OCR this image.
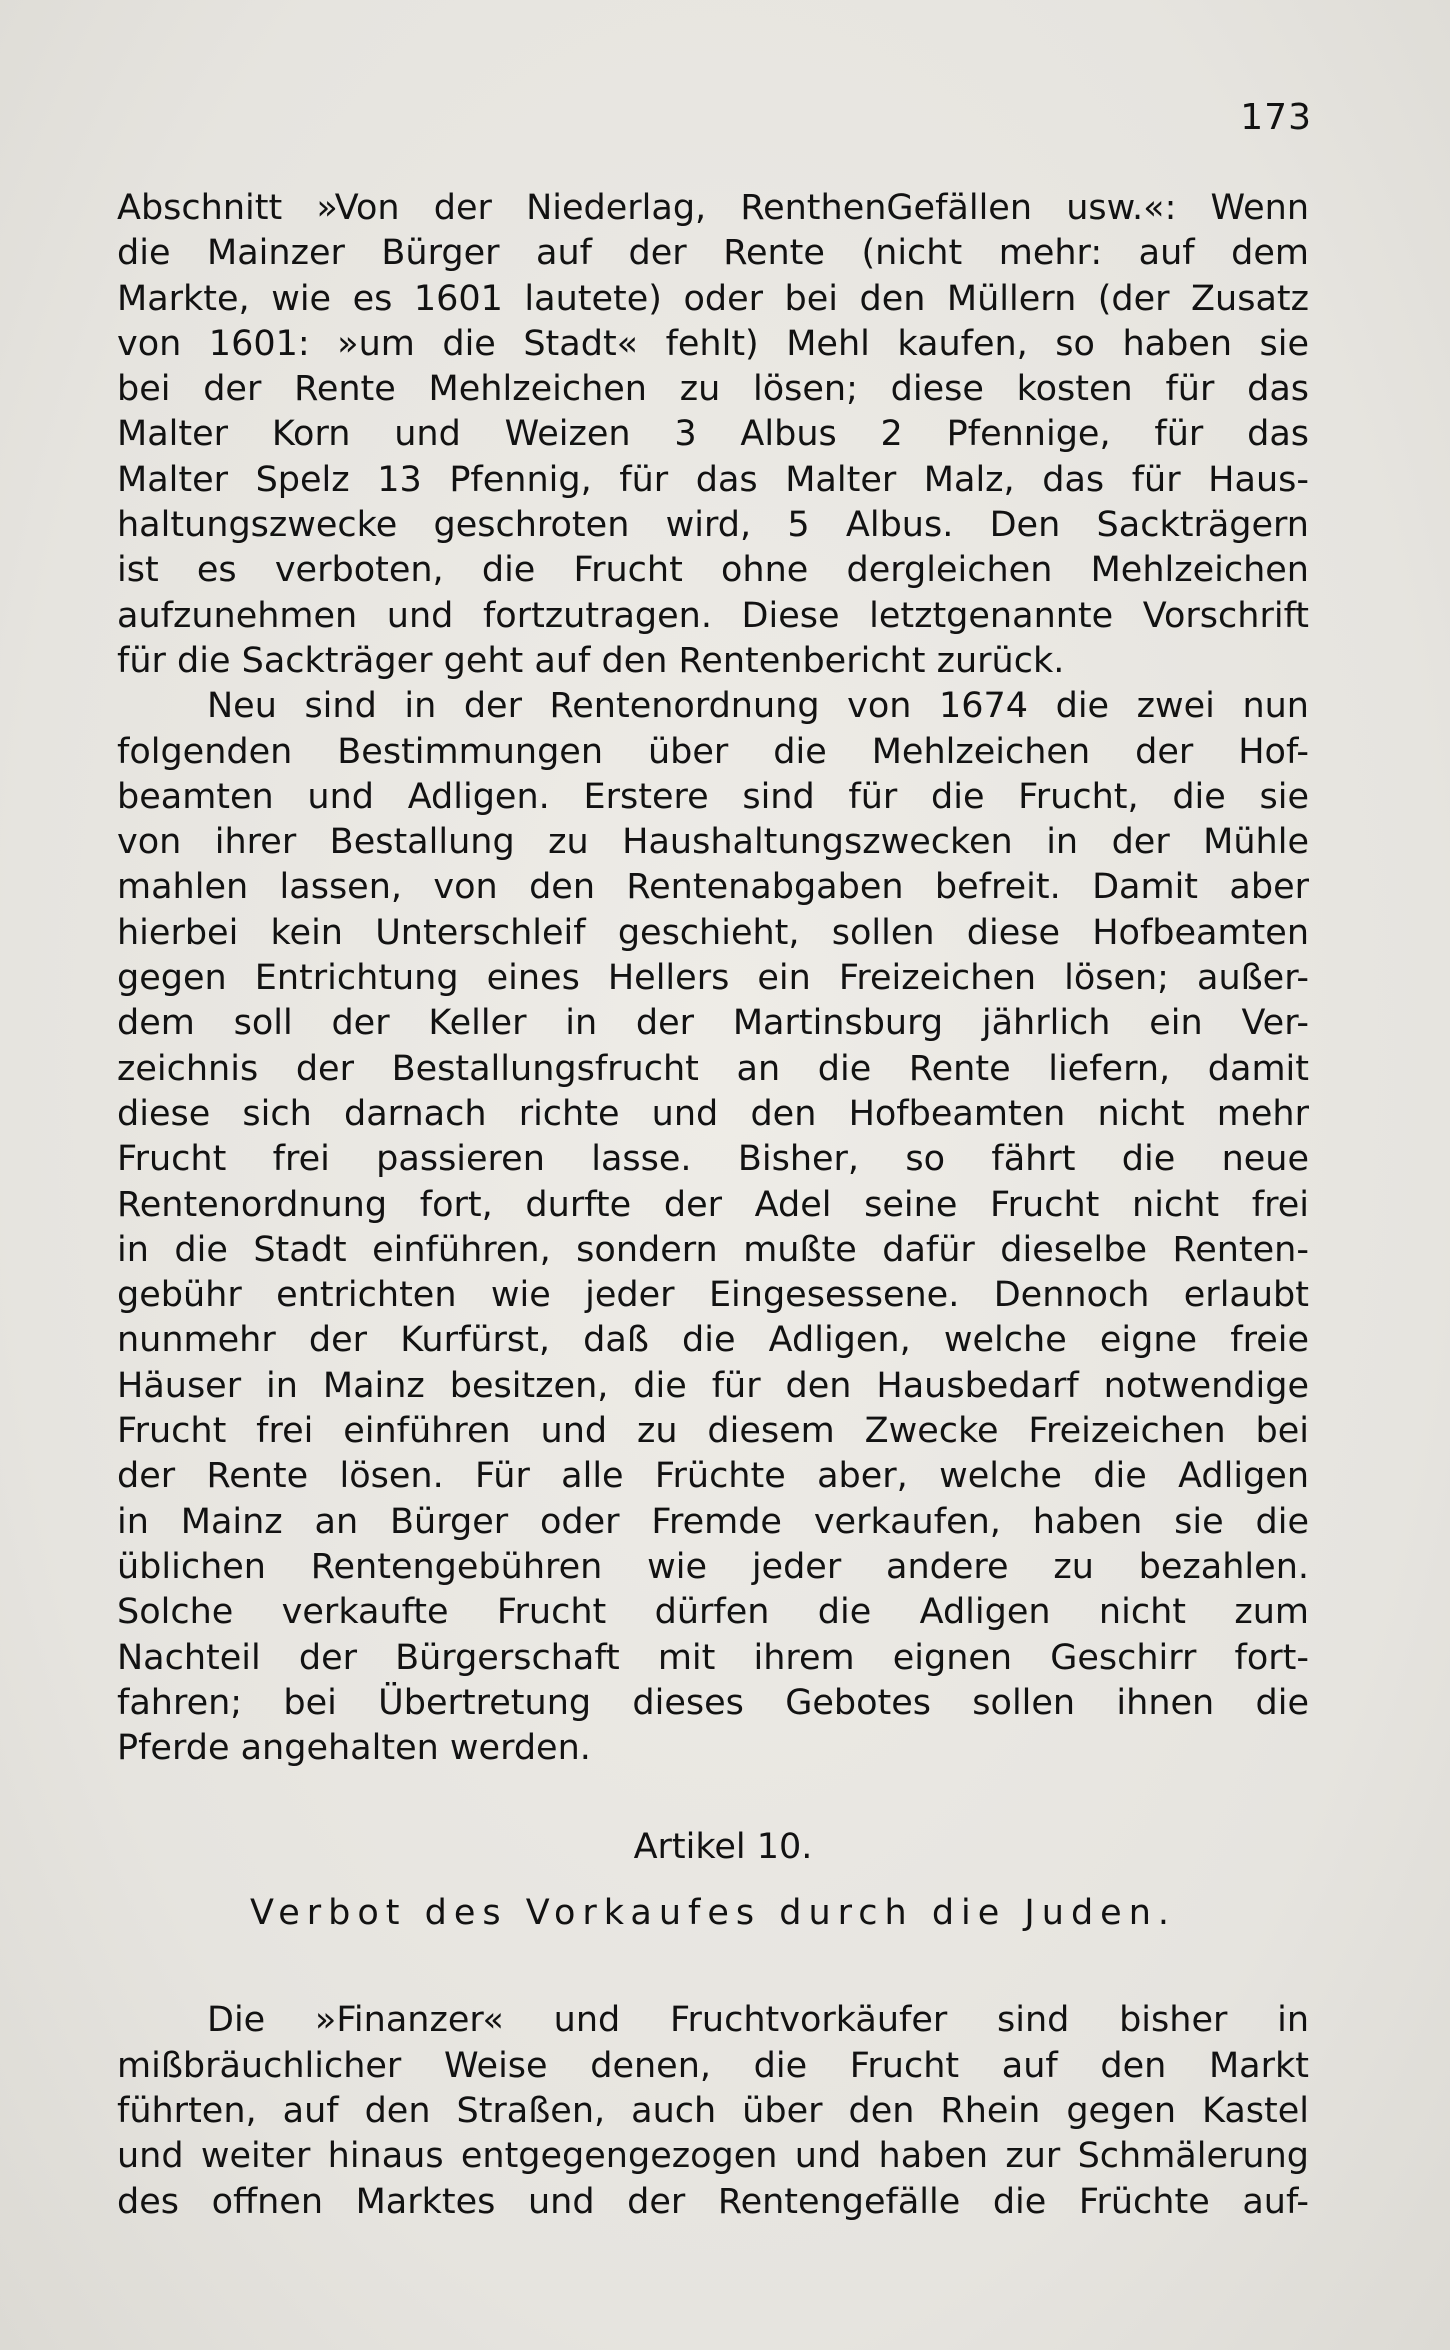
173
Abschnitt »Von der Niederlag, RenthenGefällen usw.«: Wenn
die Mainzer Bürger auf der Rente (nicht mehr: auf dem
Markte, wie es 1601 lautete) oder bei den Müllern (der Zusatz
von 1601: »um die Stadt« fehlt) Mehl kaufen, so haben sie
bei der Rente Mehlzeichen zu lösen; diese kosten für das
Malter Korn und Weizen 3 Albus 2 Pfennige, für das
Malter Spelz 13 Pfennig, für das Malter Malz, das für Haus-
haltungszwecke geschroten wird, 5 Albus. Den Sackträgern
ist es verboten, die Frucht ohne dergleichen Mehlzeichen
aufzunehmen und fortzutragen. Diese letztgenannte Vorschrift
für die Sackträger geht auf den Rentenbericht zurück.
Neu sind in der Rentenordnung von 1674 die zwei nun
folgenden Bestimmungen über die Mehlzeichen der Hof-
beamten und Adligen. Erstere sind für die Frucht, die sie
von ihrer Bestallung zu Haushaltungszwecken in der Mühle
mahlen lassen, von den Rentenabgaben befreit. Damit aber
hierbei kein Unterschleif geschieht, sollen diese Hofbeamten
gegen Entrichtung eines Hellers ein Freizeichen lösen; außer-
dem soll der Keller in der Martinsburg jährlich ein Ver-
zeichnis der Bestallungsfrucht an die Rente liefern, damit
diese sich darnach richte und den Hofbeamten nicht mehr
Frucht frei passieren lasse. Bisher, so fährt die neue
Rentenordnung fort, durfte der Adel seine Frucht nicht frei
in die Stadt einführen, sondern mußte dafür dieselbe Renten-
gebühr entrichten wie jeder Eingesessene. Dennoch erlaubt
nunmehr der Kurfürst, daß die Adligen, welche eigne freie
Häuser in Mainz besitzen, die für den Hausbedarf notwendige
Frucht frei einführen und zu diesem Zwecke Freizeichen bei
der Rente lösen. Für alle Früchte aber, welche die Adligen
in Mainz an Bürger oder Fremde verkaufen, haben sie die
üblichen Rentengebühren wie jeder andere zu bezahlen.
Solche verkaufte Frucht dürfen die Adligen nicht zum
Nachteil der Bürgerschaft mit ihrem eignen Geschirr fort-
fahren; bei Übertretung dieses Gebotes sollen ihnen die
Pferde angehalten werden.
Artikel 10.
Verbot des Vorkaufes durch die Juden.
Die »Finanzer« und Fruchtvorkäufer sind bisher in
mißbräuchlicher Weise denen, die Frucht auf den Markt
führten, auf den Straßen, auch über den Rhein gegen Kastel
und weiter hinaus entgegengezogen und haben zur Schmälerung
des offnen Marktes und der Rentengefälle die Früchte auf-
